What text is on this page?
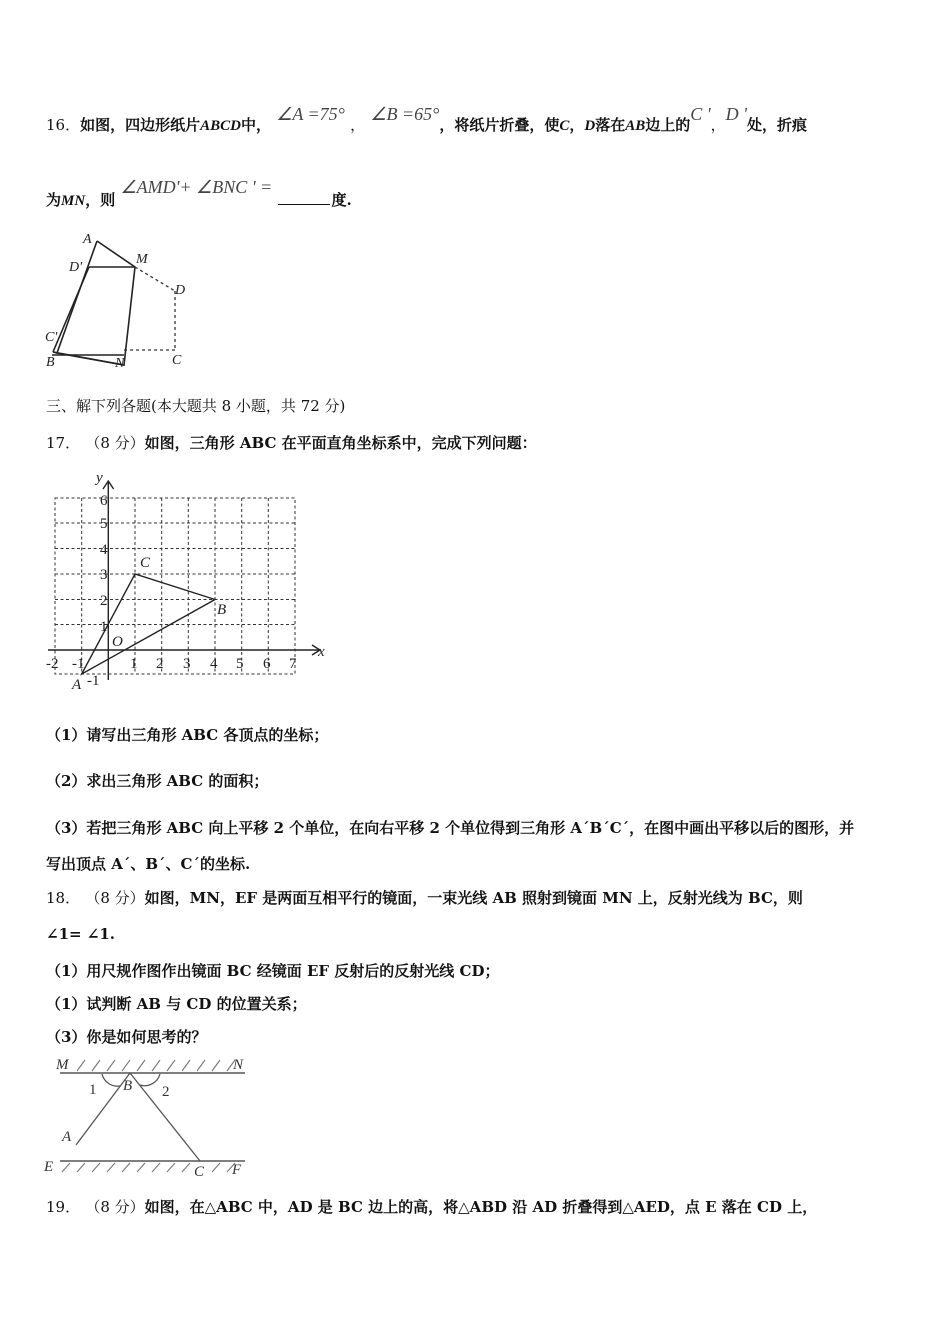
16．如图，四边形纸片ABCD中， ∠A =75° ， ∠B =65°，将纸片折叠，使C，D落在AB边上的C '，D '处，折痕
为MN，则 ∠AMD'+ ∠BNC ' = 度.
A
D'
M
D
C'
B	N	C
三、解下列各题(本大题共 8 小题，共 72 分)
17． （8 分）如图，三角形 ABC 在平面直角坐标系中，完成下列问题：
6
5
4
3
2
1
-1
-2 -1	1 2 3 4 5 6 7
y
x
O
C
B
A
（1）请写出三角形 ABC 各顶点的坐标；
（2）求出三角形 ABC 的面积；
（3）若把三角形 ABC 向上平移 2 个单位，在向右平移 2 个单位得到三角形 A´B´C´，在图中画出平移以后的图形，并
写出顶点 A´、B´、C´的坐标.
18． （8 分）如图，MN，EF 是两面互相平行的镜面，一束光线 AB 照射到镜面 MN 上，反射光线为 BC，则
∠1= ∠1.
（1）用尺规作图作出镜面 BC 经镜面 EF 反射后的反射光线 CD；
（1）试判断 AB 与 CD 的位置关系；
（3）你是如何思考的？
M	N
B
A
E	C F
1	2
19． （8 分）如图，在△ABC 中，AD 是 BC 边上的高，将△ABD 沿 AD 折叠得到△AED，点 E 落在 CD 上，
